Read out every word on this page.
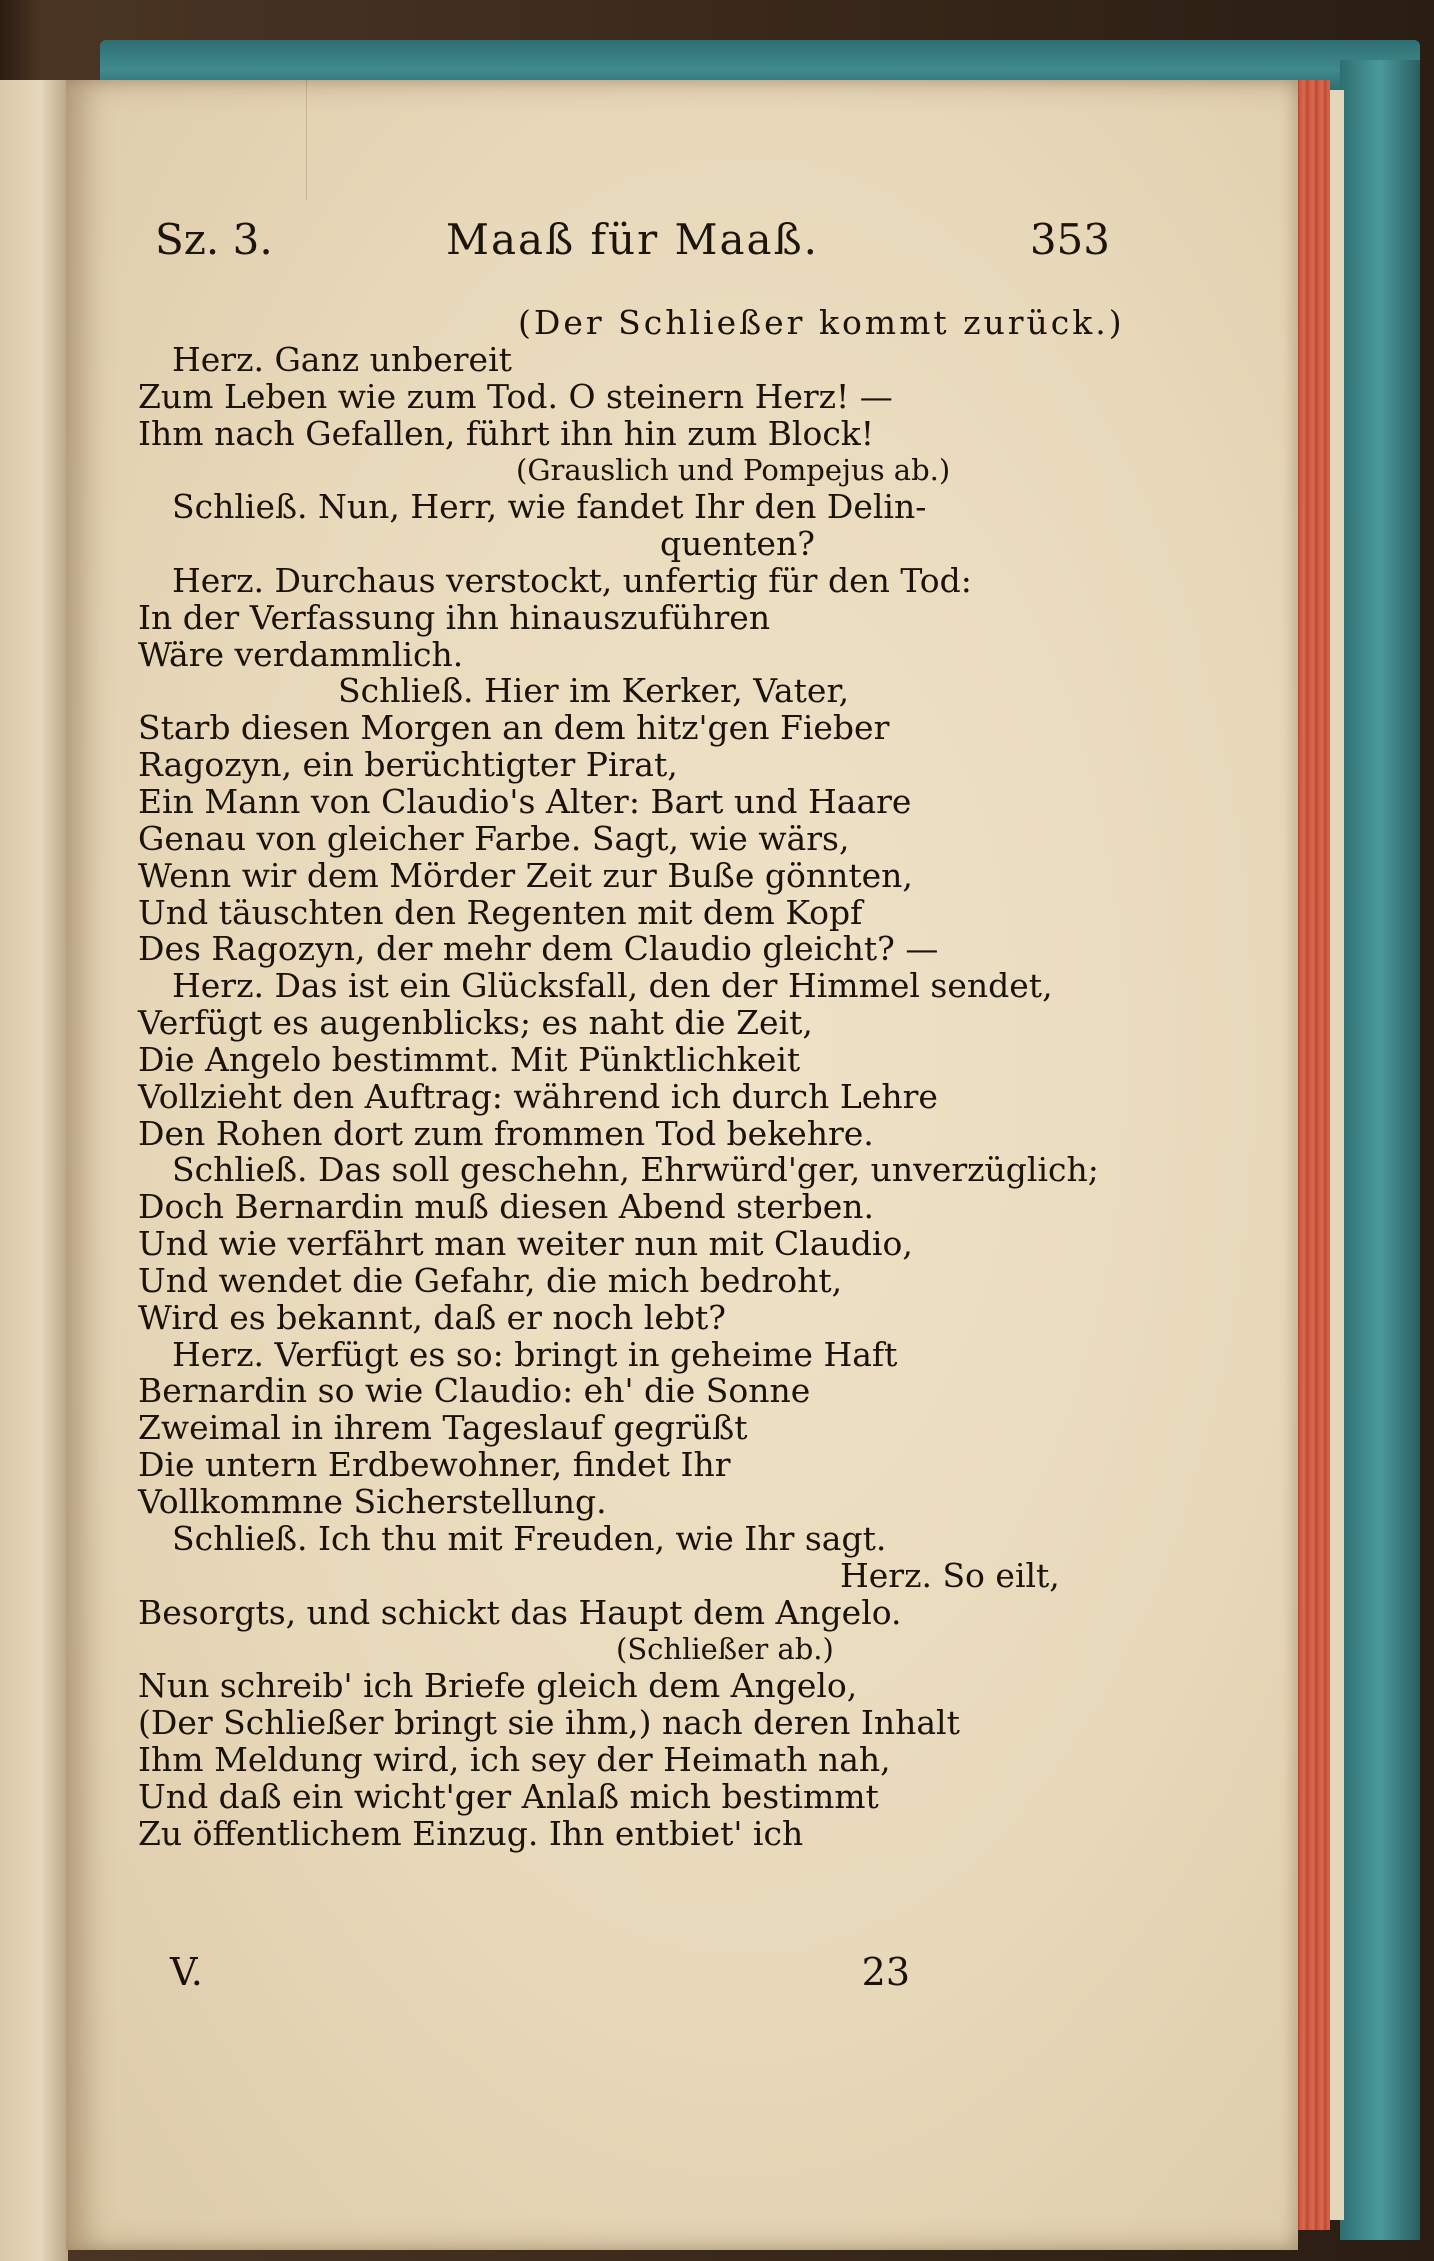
Sz. 3.	Maaß für Maaß.	353
(Der Schließer kommt zurück.)
Herz. Ganz unbereit
Zum Leben wie zum Tod. O steinern Herz! —
Ihm nach Gefallen, führt ihn hin zum Block!
(Grauslich und Pompejus ab.)
Schließ. Nun, Herr, wie fandet Ihr den Delin-
quenten?
Herz. Durchaus verstockt, unfertig für den Tod:
In der Verfassung ihn hinauszuführen
Wäre verdammlich.
Schließ. Hier im Kerker, Vater,
Starb diesen Morgen an dem hitz'gen Fieber
Ragozyn, ein berüchtigter Pirat,
Ein Mann von Claudio's Alter: Bart und Haare
Genau von gleicher Farbe. Sagt, wie wärs,
Wenn wir dem Mörder Zeit zur Buße gönnten,
Und täuschten den Regenten mit dem Kopf
Des Ragozyn, der mehr dem Claudio gleicht? —
Herz. Das ist ein Glücksfall, den der Himmel sendet,
Verfügt es augenblicks; es naht die Zeit,
Die Angelo bestimmt. Mit Pünktlichkeit
Vollzieht den Auftrag: während ich durch Lehre
Den Rohen dort zum frommen Tod bekehre.
Schließ. Das soll geschehn, Ehrwürd'ger, unverzüglich;
Doch Bernardin muß diesen Abend sterben.
Und wie verfährt man weiter nun mit Claudio,
Und wendet die Gefahr, die mich bedroht,
Wird es bekannt, daß er noch lebt?
Herz. Verfügt es so: bringt in geheime Haft
Bernardin so wie Claudio: eh' die Sonne
Zweimal in ihrem Tageslauf gegrüßt
Die untern Erdbewohner, findet Ihr
Vollkommne Sicherstellung.
Schließ. Ich thu mit Freuden, wie Ihr sagt.
Herz. So eilt,
Besorgts, und schickt das Haupt dem Angelo.
(Schließer ab.)
Nun schreib' ich Briefe gleich dem Angelo,
(Der Schließer bringt sie ihm,) nach deren Inhalt
Ihm Meldung wird, ich sey der Heimath nah,
Und daß ein wicht'ger Anlaß mich bestimmt
Zu öffentlichem Einzug. Ihn entbiet' ich
V.	23
